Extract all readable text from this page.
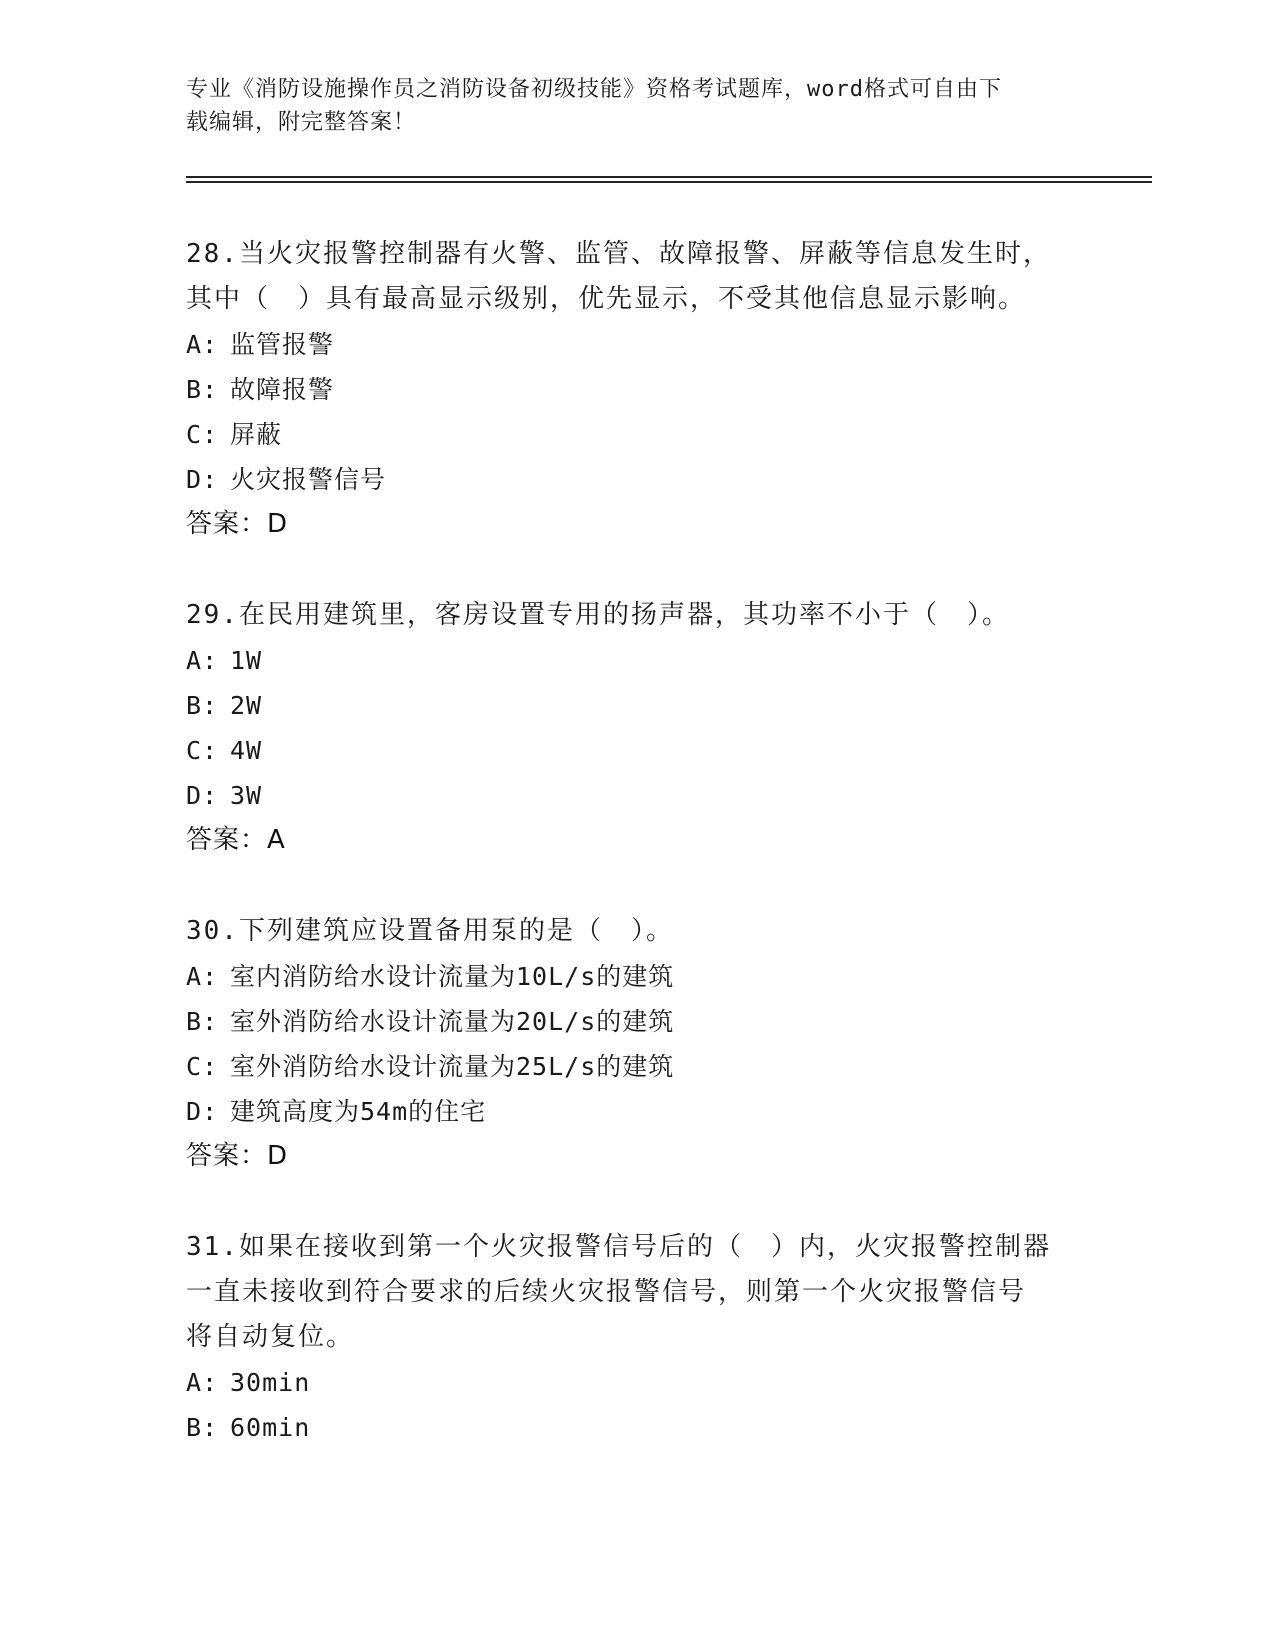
专业《消防设施操作员之消防设备初级技能》资格考试题库，word格式可自由下
载编辑，附完整答案！
28.当火灾报警控制器有火警、监管、故障报警、屏蔽等信息发生时，
其中（　）具有最高显示级别，优先显示，不受其他信息显示影响。
A: 监管报警
B: 故障报警
C: 屏蔽
D: 火灾报警信号
答案：D
29.在民用建筑里，客房设置专用的扬声器，其功率不小于（　）。
A: 1W
B: 2W
C: 4W
D: 3W
答案：A
30.下列建筑应设置备用泵的是（　）。
A: 室内消防给水设计流量为10L/s的建筑
B: 室外消防给水设计流量为20L/s的建筑
C: 室外消防给水设计流量为25L/s的建筑
D: 建筑高度为54m的住宅
答案：D
31.如果在接收到第一个火灾报警信号后的（　）内，火灾报警控制器
一直未接收到符合要求的后续火灾报警信号，则第一个火灾报警信号
将自动复位。
A: 30min
B: 60min
